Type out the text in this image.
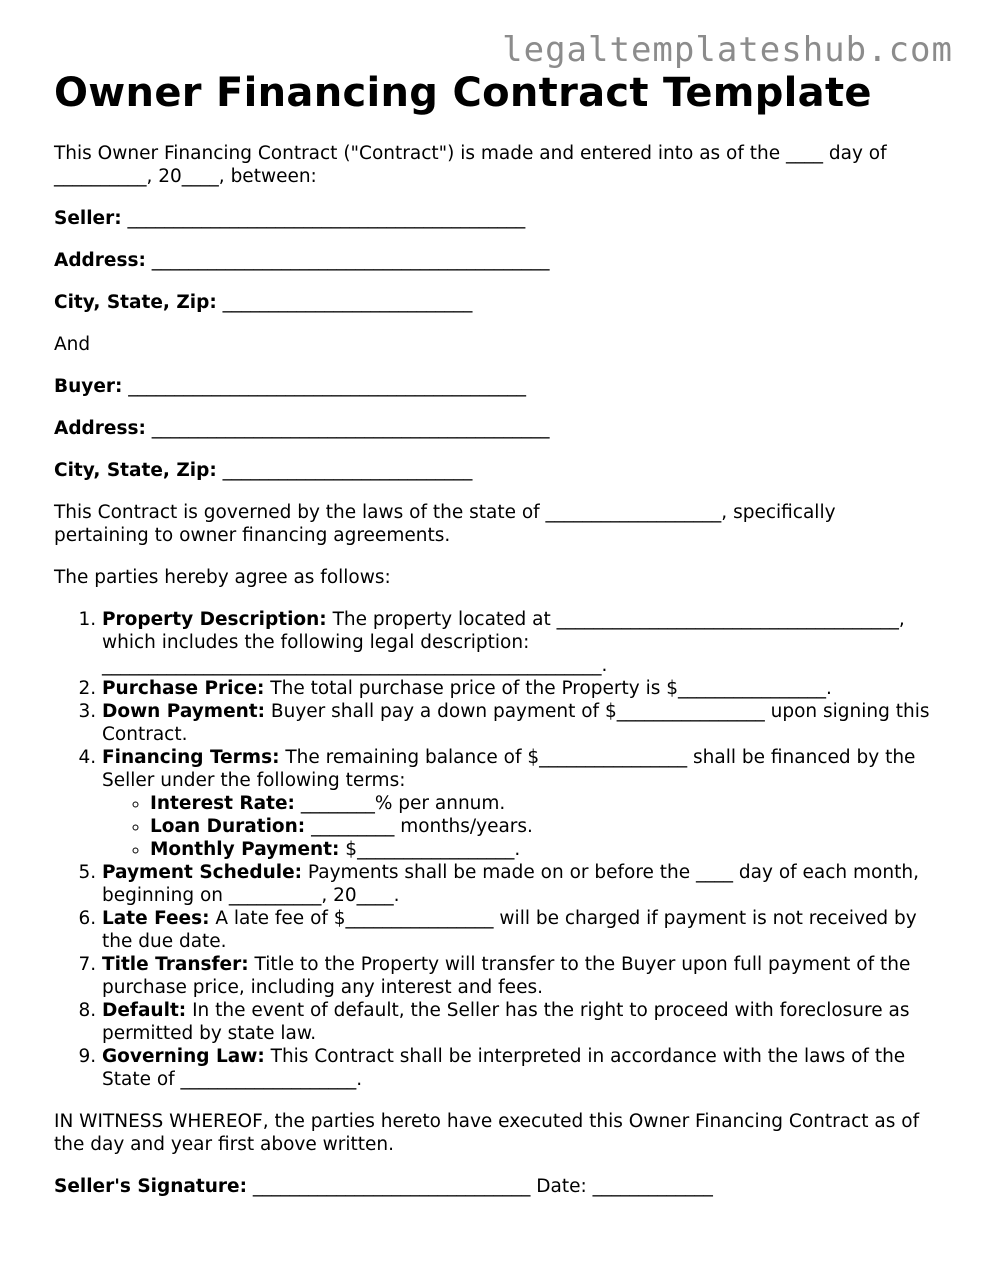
legaltemplateshub.com
Owner Financing Contract Template

This Owner Financing Contract ("Contract") is made and entered into as of the ____ day of __________, 20____, between:

Seller: ___________________________________________
Address: ___________________________________________
City, State, Zip: ___________________________

And

Buyer: ___________________________________________
Address: ___________________________________________
City, State, Zip: ___________________________

This Contract is governed by the laws of the state of ___________________, specifically pertaining to owner financing agreements.

The parties hereby agree as follows:

1. Property Description: The property located at _____________________________________, which includes the following legal description: ______________________________________________________.
2. Purchase Price: The total purchase price of the Property is $________________.
3. Down Payment: Buyer shall pay a down payment of $________________ upon signing this Contract.
4. Financing Terms: The remaining balance of $________________ shall be financed by the Seller under the following terms:
◦ Interest Rate: ________% per annum.
◦ Loan Duration: _________ months/years.
◦ Monthly Payment: $_________________.
5. Payment Schedule: Payments shall be made on or before the ____ day of each month, beginning on __________, 20____.
6. Late Fees: A late fee of $________________ will be charged if payment is not received by the due date.
7. Title Transfer: Title to the Property will transfer to the Buyer upon full payment of the purchase price, including any interest and fees.
8. Default: In the event of default, the Seller has the right to proceed with foreclosure as permitted by state law.
9. Governing Law: This Contract shall be interpreted in accordance with the laws of the State of ___________________.

IN WITNESS WHEREOF, the parties hereto have executed this Owner Financing Contract as of the day and year first above written.

Seller's Signature: ______________________________ Date: _____________
